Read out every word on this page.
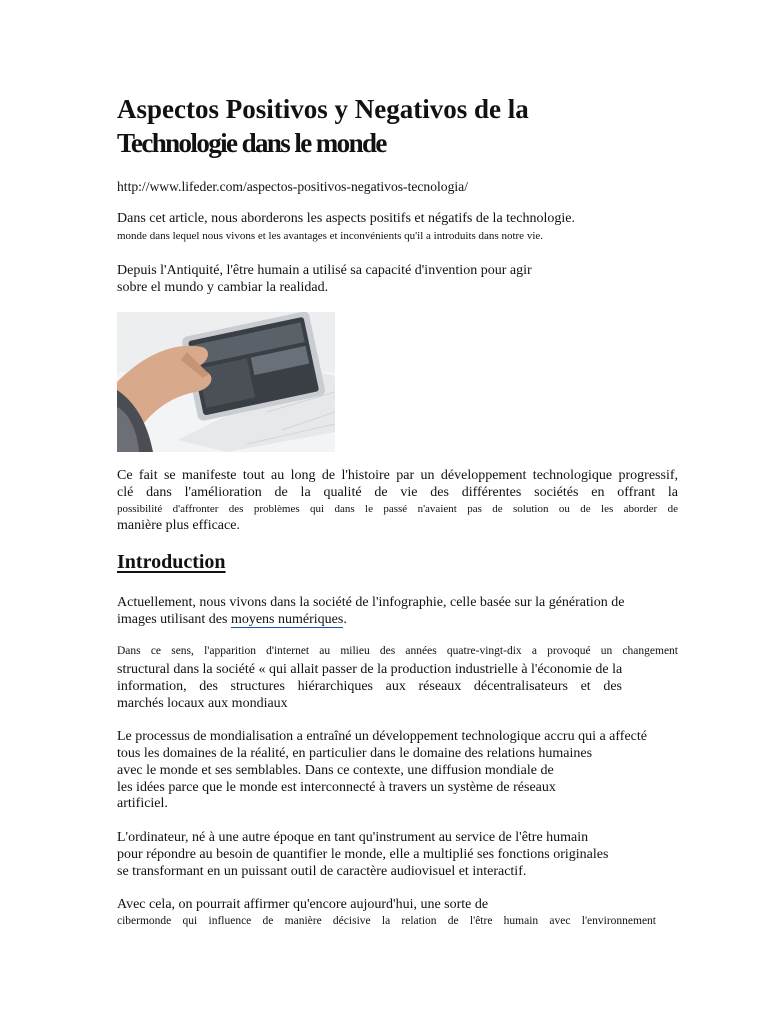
Aspectos Positivos y Negativos de la
Technologie dans le monde
http://www.lifeder.com/aspectos-positivos-negativos-tecnologia/
Dans cet article, nous aborderons les aspects positifs et négatifs de la technologie.
monde dans lequel nous vivons et les avantages et inconvénients qu'il a introduits dans notre vie.
Depuis l'Antiquité, l'être humain a utilisé sa capacité d'invention pour agir
sobre el mundo y cambiar la realidad.
Ce fait se manifeste tout au long de l'histoire par un développement technologique progressif,
clé dans l'amélioration de la qualité de vie des différentes sociétés en offrant la
possibilité d'affronter des problèmes qui dans le passé n'avaient pas de solution ou de les aborder de
manière plus efficace.
Introduction
Actuellement, nous vivons dans la société de l'infographie, celle basée sur la génération de
images utilisant des moyens numériques.
Dans ce sens, l'apparition d'internet au milieu des années quatre-vingt-dix a provoqué un changement
structural dans la société « qui allait passer de la production industrielle à l'économie de la
information, des structures hiérarchiques aux réseaux décentralisateurs et des
marchés locaux aux mondiaux
Le processus de mondialisation a entraîné un développement technologique accru qui a affecté
tous les domaines de la réalité, en particulier dans le domaine des relations humaines
avec le monde et ses semblables. Dans ce contexte, une diffusion mondiale de
les idées parce que le monde est interconnecté à travers un système de réseaux
artificiel.
L'ordinateur, né à une autre époque en tant qu'instrument au service de l'être humain
pour répondre au besoin de quantifier le monde, elle a multiplié ses fonctions originales
se transformant en un puissant outil de caractère audiovisuel et interactif.
Avec cela, on pourrait affirmer qu'encore aujourd'hui, une sorte de
cibermonde qui influence de manière décisive la relation de l'être humain avec l'environnement
